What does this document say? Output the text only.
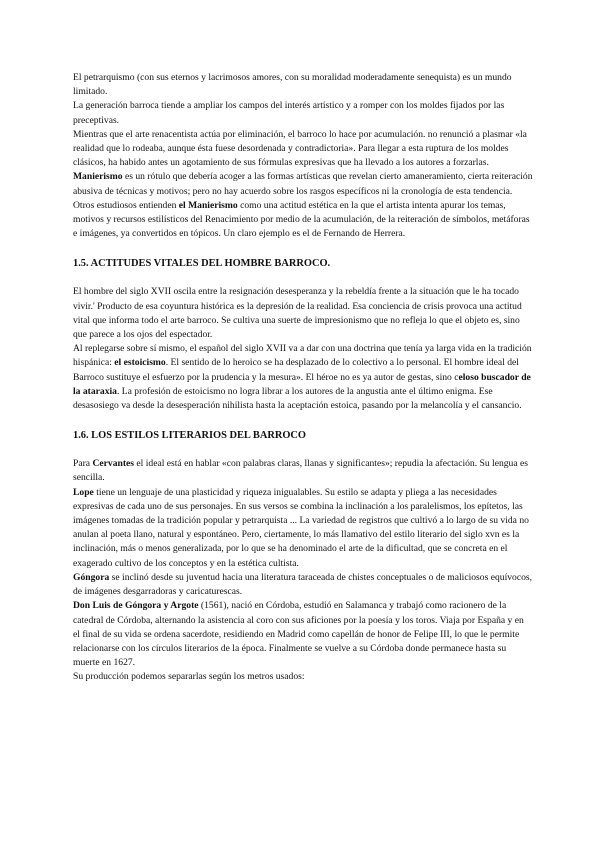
El petrarquismo (con sus eternos y lacrimosos amores, con su moralidad moderadamente senequista) es un mundo limitado.

La generación barroca tiende a ampliar los campos del interés artístico y a romper con los moldes fijados por las preceptivas.

Mientras que el arte renacentista actúa por eliminación, el barroco lo hace por acumulación. no renunció a plasmar «la realidad que lo rodeaba, aunque ésta fuese desordenada y contradictoria». Para llegar a esta ruptura de los moldes clásicos, ha habido antes un agotamiento de sus fórmulas expresivas que ha llevado a los autores a forzarlas.

Manierismo es un rótulo que debería acoger a las formas artísticas que revelan cierto amaneramiento, cierta reiteración abusiva de técnicas y motivos; pero no hay acuerdo sobre los rasgos específicos ni la cronología de esta tendencia.

Otros estudiosos entienden el Manierismo como una actitud estética en la que el artista intenta apurar los temas, motivos y recursos estilísticos del Renacimiento por medio de la acumulación, de la reiteración de símbolos, metáforas e imágenes, ya convertidos en tópicos. Un claro ejemplo es el de Fernando de Herrera.

1.5. ACTITUDES VITALES DEL HOMBRE BARROCO.

El hombre del siglo XVII oscila entre la resignación desesperanza y la rebeldía frente a la situación que le ha tocado vivir.' Producto de esa coyuntura histórica es la depresión de la realidad. Esa conciencia de crisis provoca una actitud vital que informa todo el arte barroco. Se cultiva una suerte de impresionismo que no refleja lo que el objeto es, sino que parece a los ojos del espectador.

Al replegarse sobre sí mismo, el español del siglo XVII va a dar con una doctrina que tenía ya larga vida en la tradición hispánica: el estoicismo. El sentido de lo heroico se ha desplazado de lo colectivo a lo personal. El hombre ideal del Barroco sustituye el esfuerzo por la prudencia y la mesura». El héroe no es ya autor de gestas, sino celoso buscador de la ataraxia. La profesión de estoicismo no logra librar a los autores de la angustia ante el último enigma. Ese desasosiego va desde la desesperación nihilista hasta la aceptación estoica, pasando por la melancolía y el cansancio.

1.6. LOS ESTILOS LITERARIOS DEL BARROCO

Para Cervantes el ideal está en hablar «con palabras claras, llanas y significantes»; repudia la afectación. Su lengua es sencilla.

Lope tiene un lenguaje de una plasticidad y riqueza inigualables. Su estilo se adapta y pliega a las necesidades expresivas de cada uno de sus personajes. En sus versos se combina la inclinación a los paralelismos, los epítetos, las imágenes tomadas de la tradición popular y petrarquista ... La variedad de registros que cultivó a lo largo de su vida no anulan al poeta llano, natural y espontáneo. Pero, ciertamente, lo más llamativo del estilo literario del siglo xvn es la inclinación, más o menos generalizada, por lo que se ha denominado el arte de la dificultad, que se concreta en el exagerado cultivo de los conceptos y en la estética cultista.

Góngora se inclinó desde su juventud hacia una literatura taraceada de chistes conceptuales o de maliciosos equívocos, de imágenes desgarradoras y caricaturescas.

Don Luis de Góngora y Argote (1561), nació en Córdoba, estudió en Salamanca y trabajó como racionero de la catedral de Córdoba, alternando la asistencia al coro con sus aficiones por la poesía y los toros. Viaja por España y en el final de su vida se ordena sacerdote, residiendo en Madrid como capellán de honor de Felipe III, lo que le permite relacionarse con los círculos literarios de la época. Finalmente se vuelve a su Córdoba donde permanece hasta su muerte en 1627.

Su producción podemos separarlas según los metros usados:
